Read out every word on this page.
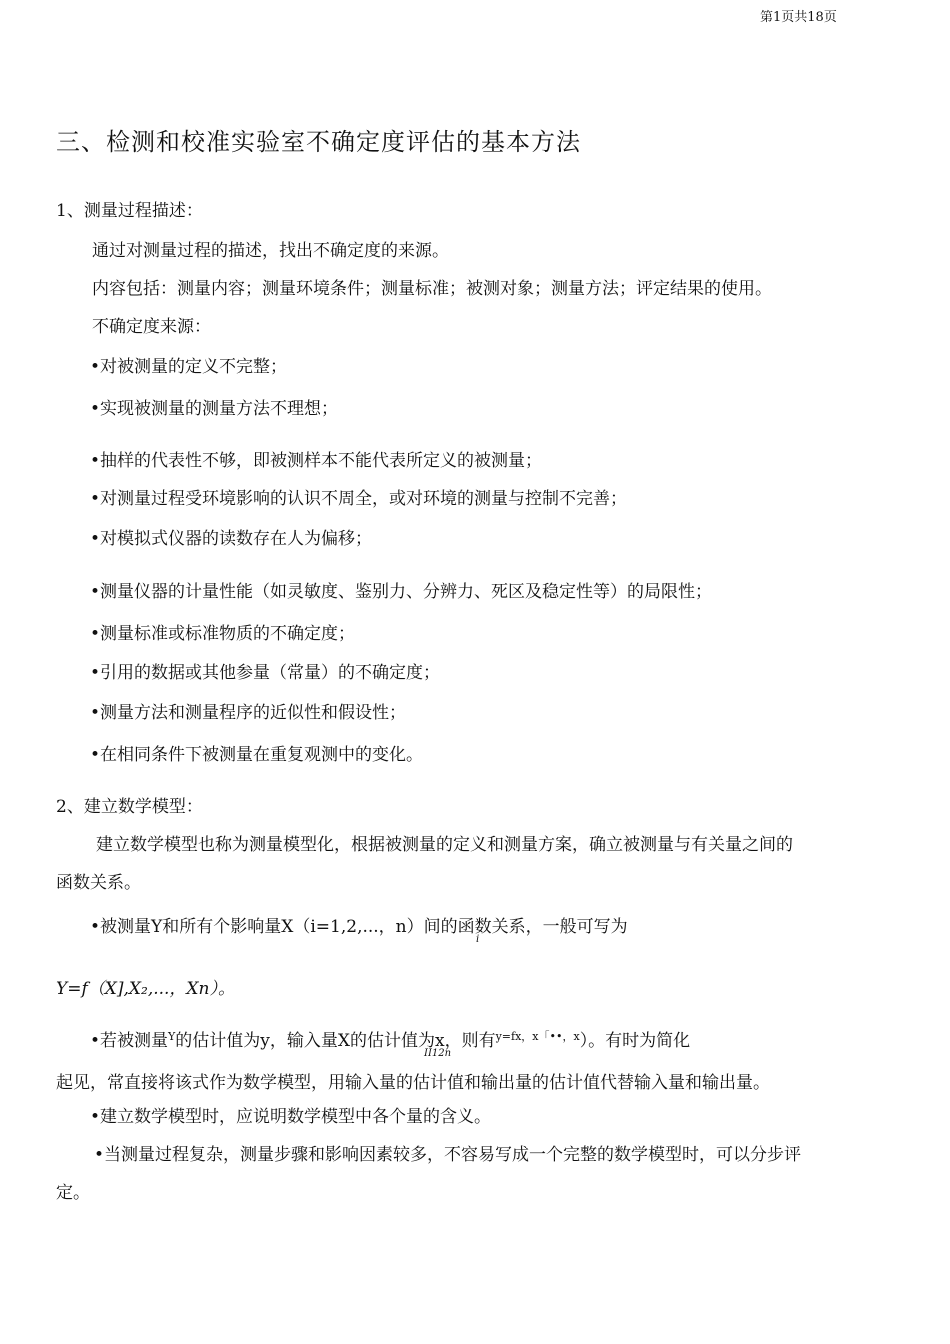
第1页共18页
三、检测和校准实验室不确定度评估的基本方法
1、测量过程描述：
通过对测量过程的描述，找出不确定度的来源。
内容包括：测量内容；测量环境条件；测量标准；被测对象；测量方法；评定结果的使用。
不确定度来源：
•对被测量的定义不完整；
•实现被测量的测量方法不理想；
•抽样的代表性不够，即被测样本不能代表所定义的被测量；
•对测量过程受环境影响的认识不周全，或对环境的测量与控制不完善；
•对模拟式仪器的读数存在人为偏移；
•测量仪器的计量性能（如灵敏度、鉴别力、分辨力、死区及稳定性等）的局限性；
•测量标准或标准物质的不确定度；
•引用的数据或其他参量（常量）的不确定度；
•测量方法和测量程序的近似性和假设性；
•在相同条件下被测量在重复观测中的变化。
2、建立数学模型：
建立数学模型也称为测量模型化，根据被测量的定义和测量方案，确立被测量与有关量之间的
函数关系。
•被测量Y和所有个影响量X（i=1,2,...，n）间的函数关系，一般可写为
i
Y=f（X],X₂,...，Xn）。
•若被测量$^Y$的估计值为y，输入量X的估计值为x，则有$^{y=fx,x「••,x}$）。有时为简化
II12n
起见，常直接将该式作为数学模型，用输入量的估计值和输出量的估计值代替输入量和输出量。
•建立数学模型时，应说明数学模型中各个量的含义。
•当测量过程复杂，测量步骤和影响因素较多，不容易写成一个完整的数学模型时，可以分步评
定。
